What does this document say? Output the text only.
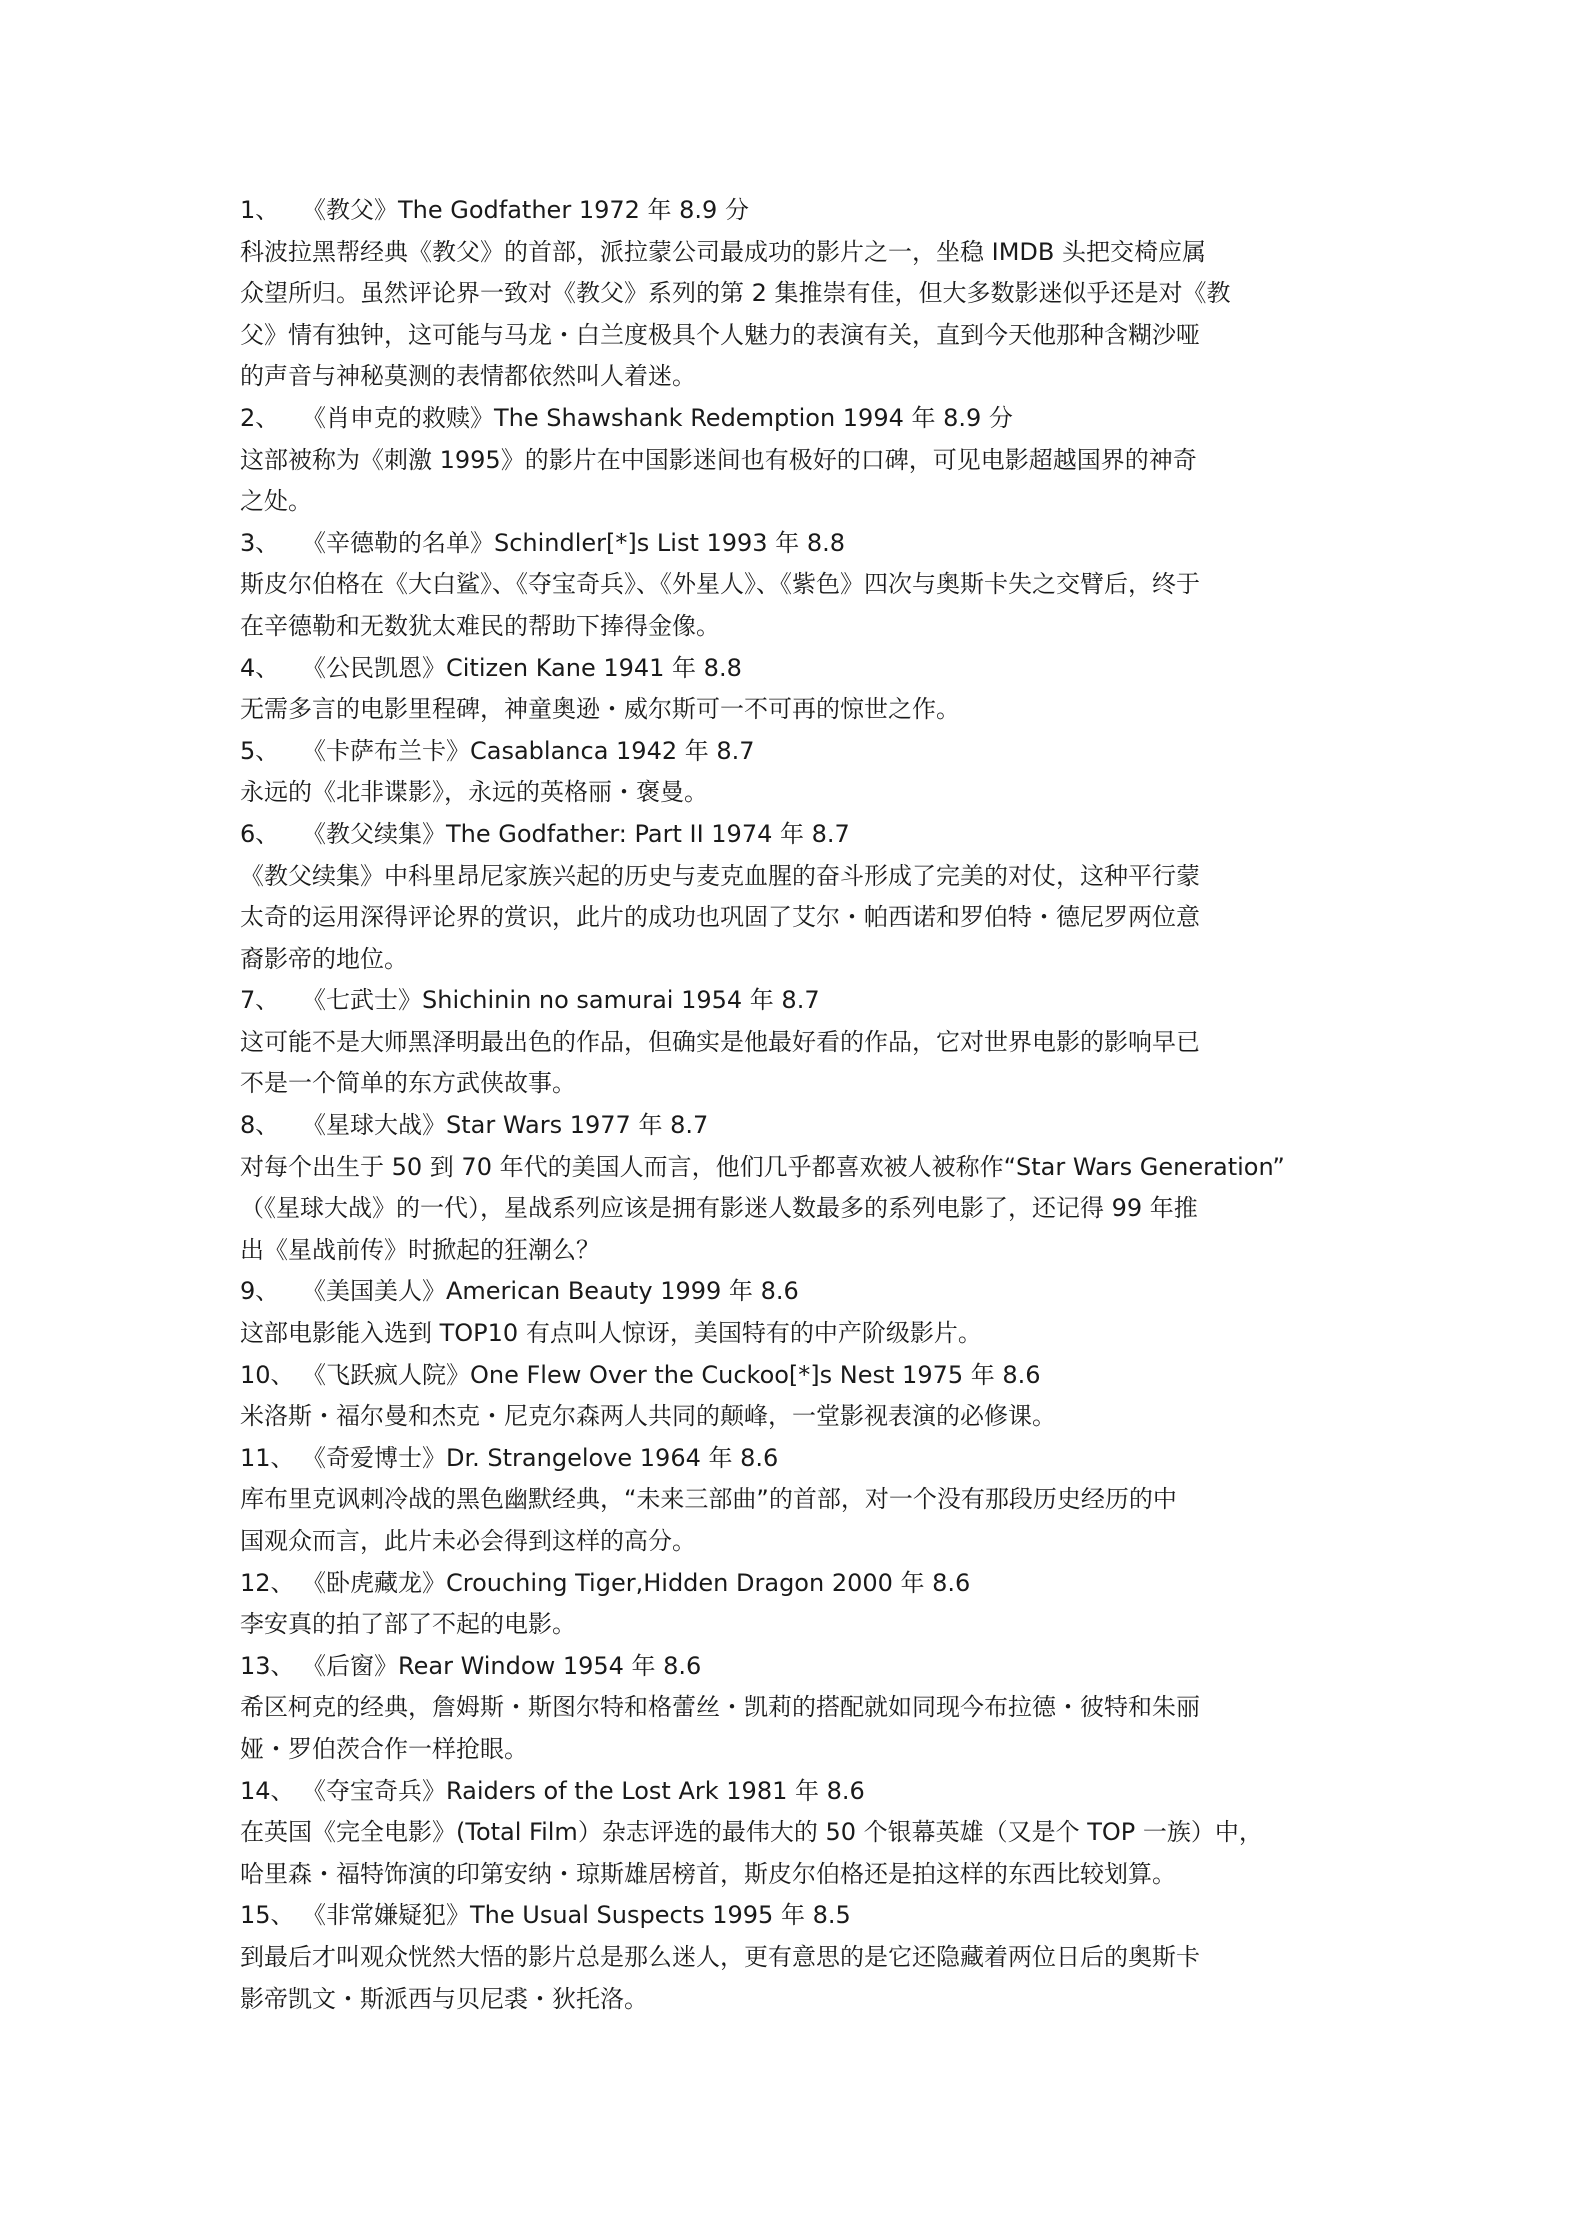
1、 《教父》The Godfather 1972 年 8.9 分
科波拉黑帮经典《教父》的首部，派拉蒙公司最成功的影片之一，坐稳 IMDB 头把交椅应属
众望所归。虽然评论界一致对《教父》系列的第 2 集推崇有佳，但大多数影迷似乎还是对《教
父》情有独钟，这可能与马龙・白兰度极具个人魅力的表演有关，直到今天他那种含糊沙哑
的声音与神秘莫测的表情都依然叫人着迷。
2、 《肖申克的救赎》The Shawshank Redemption 1994 年 8.9 分
这部被称为《刺激 1995》的影片在中国影迷间也有极好的口碑，可见电影超越国界的神奇
之处。
3、 《辛德勒的名单》Schindler[*]s List 1993 年 8.8
斯皮尔伯格在《大白鲨》、《夺宝奇兵》、《外星人》、《紫色》四次与奥斯卡失之交臂后，终于
在辛德勒和无数犹太难民的帮助下捧得金像。
4、 《公民凯恩》Citizen Kane 1941 年 8.8
无需多言的电影里程碑，神童奥逊・威尔斯可一不可再的惊世之作。
5、 《卡萨布兰卡》Casablanca 1942 年 8.7
永远的《北非谍影》，永远的英格丽・褒曼。
6、 《教父续集》The Godfather: Part II 1974 年 8.7
《教父续集》中科里昂尼家族兴起的历史与麦克血腥的奋斗形成了完美的对仗，这种平行蒙
太奇的运用深得评论界的赏识，此片的成功也巩固了艾尔・帕西诺和罗伯特・德尼罗两位意
裔影帝的地位。
7、 《七武士》Shichinin no samurai 1954 年 8.7
这可能不是大师黑泽明最出色的作品，但确实是他最好看的作品，它对世界电影的影响早已
不是一个简单的东方武侠故事。
8、 《星球大战》Star Wars 1977 年 8.7
对每个出生于 50 到 70 年代的美国人而言，他们几乎都喜欢被人被称作“Star Wars Generation”
（《星球大战》的一代），星战系列应该是拥有影迷人数最多的系列电影了，还记得 99 年推
出《星战前传》时掀起的狂潮么？
9、 《美国美人》American Beauty 1999 年 8.6
这部电影能入选到 TOP10 有点叫人惊讶，美国特有的中产阶级影片。
10、 《飞跃疯人院》One Flew Over the Cuckoo[*]s Nest 1975 年 8.6
米洛斯・福尔曼和杰克・尼克尔森两人共同的颠峰，一堂影视表演的必修课。
11、 《奇爱博士》Dr. Strangelove 1964 年 8.6
库布里克讽刺冷战的黑色幽默经典，“未来三部曲”的首部，对一个没有那段历史经历的中
国观众而言，此片未必会得到这样的高分。
12、 《卧虎藏龙》Crouching Tiger,Hidden Dragon 2000 年 8.6
李安真的拍了部了不起的电影。
13、 《后窗》Rear Window 1954 年 8.6
希区柯克的经典，詹姆斯・斯图尔特和格蕾丝・凯莉的搭配就如同现今布拉德・彼特和朱丽
娅・罗伯茨合作一样抢眼。
14、 《夺宝奇兵》Raiders of the Lost Ark 1981 年 8.6
在英国《完全电影》(Total Film）杂志评选的最伟大的 50 个银幕英雄（又是个 TOP 一族）中，
哈里森・福特饰演的印第安纳・琼斯雄居榜首，斯皮尔伯格还是拍这样的东西比较划算。
15、 《非常嫌疑犯》The Usual Suspects 1995 年 8.5
到最后才叫观众恍然大悟的影片总是那么迷人，更有意思的是它还隐藏着两位日后的奥斯卡
影帝凯文・斯派西与贝尼裘・狄托洛。
